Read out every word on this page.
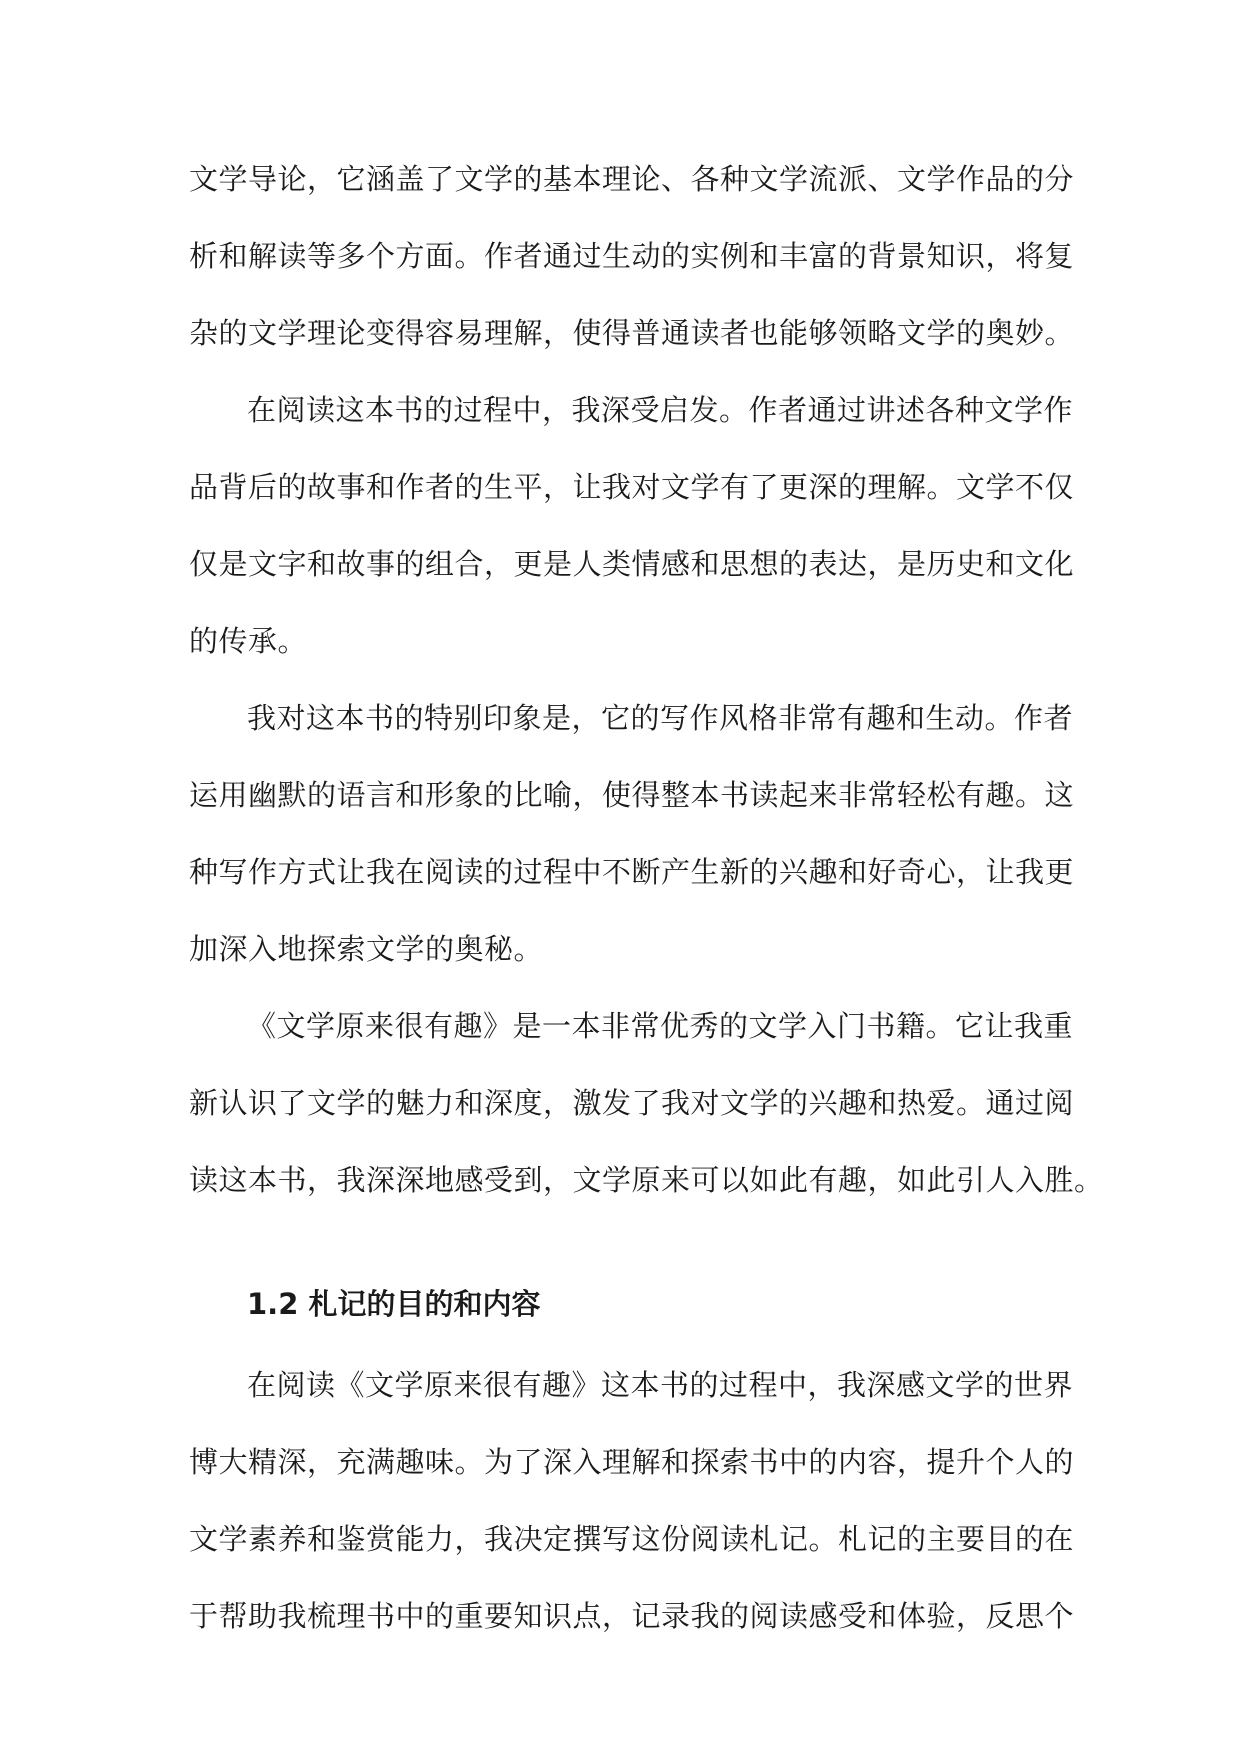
文学导论，它涵盖了文学的基本理论、各种文学流派、文学作品的分
析和解读等多个方面。作者通过生动的实例和丰富的背景知识，将复
杂的文学理论变得容易理解，使得普通读者也能够领略文学的奥妙。
在阅读这本书的过程中，我深受启发。作者通过讲述各种文学作
品背后的故事和作者的生平，让我对文学有了更深的理解。文学不仅
仅是文字和故事的组合，更是人类情感和思想的表达，是历史和文化
的传承。
我对这本书的特别印象是，它的写作风格非常有趣和生动。作者
运用幽默的语言和形象的比喻，使得整本书读起来非常轻松有趣。这
种写作方式让我在阅读的过程中不断产生新的兴趣和好奇心，让我更
加深入地探索文学的奥秘。
《文学原来很有趣》是一本非常优秀的文学入门书籍。它让我重
新认识了文学的魅力和深度，激发了我对文学的兴趣和热爱。通过阅
读这本书，我深深地感受到，文学原来可以如此有趣，如此引人入胜。
1.2 札记的目的和内容
在阅读《文学原来很有趣》这本书的过程中，我深感文学的世界
博大精深，充满趣味。为了深入理解和探索书中的内容，提升个人的
文学素养和鉴赏能力，我决定撰写这份阅读札记。札记的主要目的在
于帮助我梳理书中的重要知识点，记录我的阅读感受和体验，反思个
